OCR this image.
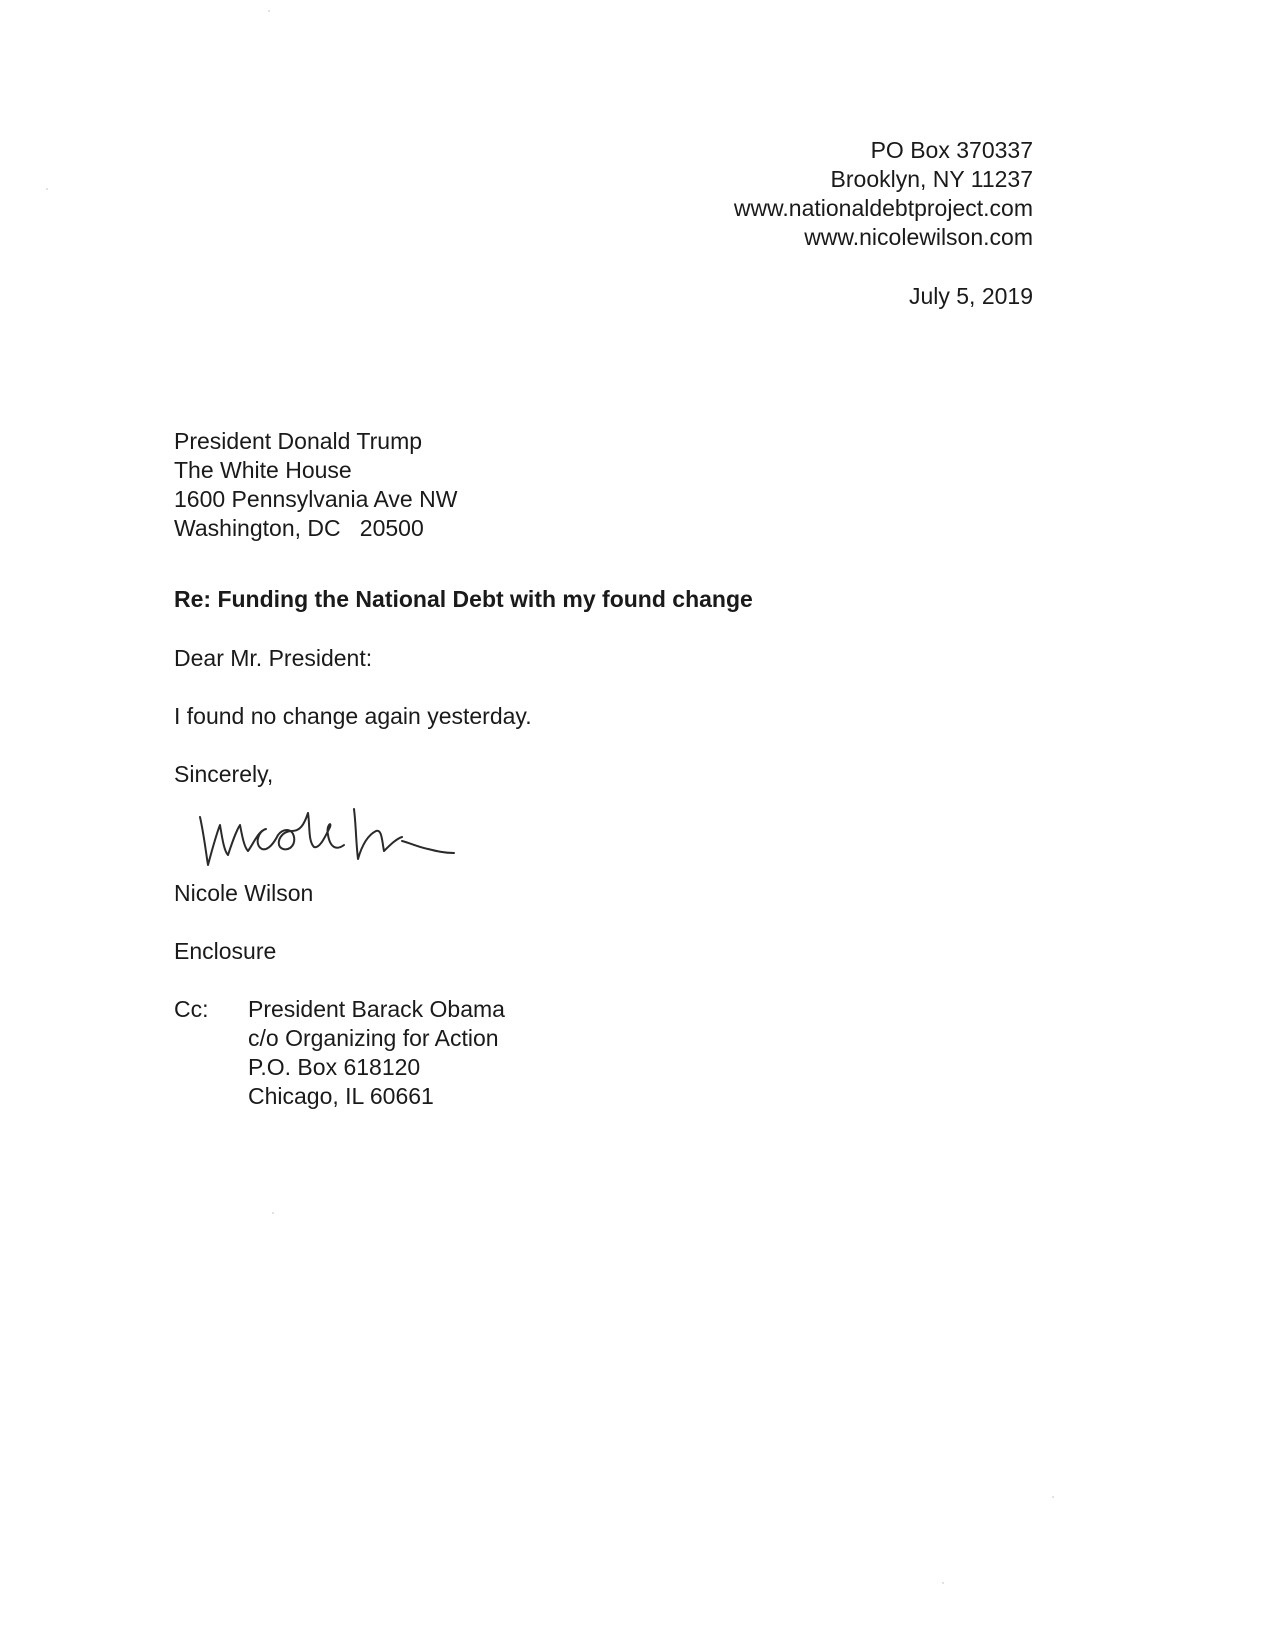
PO Box 370337
Brooklyn, NY 11237
www.nationaldebtproject.com
www.nicolewilson.com
July 5, 2019
President Donald Trump
The White House
1600 Pennsylvania Ave NW
Washington, DC   20500
Re: Funding the National Debt with my found change
Dear Mr. President:
I found no change again yesterday.
Sincerely,
Nicole Wilson
Enclosure
Cc: President Barack Obama
c/o Organizing for Action
P.O. Box 618120
Chicago, IL 60661
